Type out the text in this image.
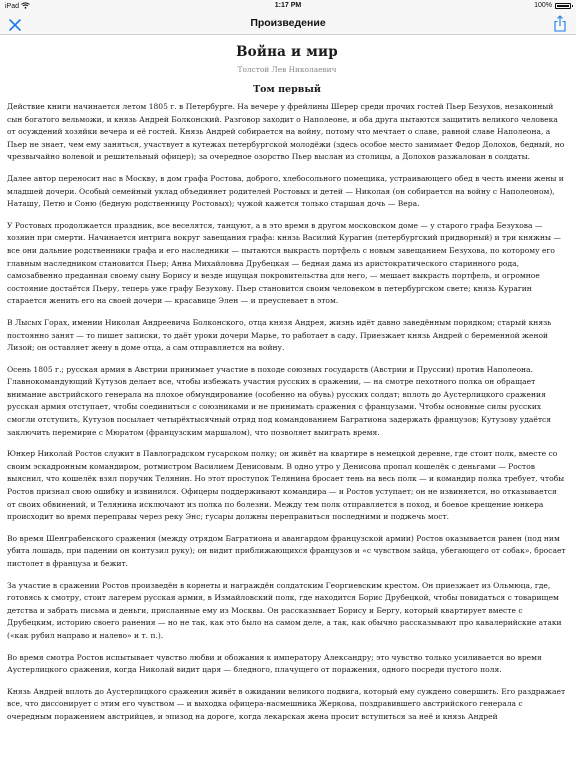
iPad	1:17 PM	100%
Произведение
Война и мир
Толстой Лев Николаевич
Том первый

Действие книги начинается летом 1805 г. в Петербурге. На вечере у фрейлины Шерер среди прочих гостей Пьер Безухов, незаконный сын богатого вельможи, и князь Андрей Болконский. Разговор заходит о Наполеоне, и оба друга пытаются защитить великого человека от осуждений хозяйки вечера и её гостей. Князь Андрей собирается на войну, потому что мечтает о славе, равной славе Наполеона, а Пьер не знает, чем ему заняться, участвует в кутежах петербургской молодёжи (здесь особое место занимает Федор Долохов, бедный, но чрезвычайно волевой и решительный офицер); за очередное озорство Пьер выслан из столицы, а Долохов разжалован в солдаты.

Далее автор переносит нас в Москву, в дом графа Ростова, доброго, хлебосольного помещика, устраивающего обед в честь имени жены и младшей дочери. Особый семейный уклад объединяет родителей Ростовых и детей — Николая (он собирается на войну с Наполеоном), Наташу, Петю и Соню (бедную родственницу Ростовых); чужой кажется только старшая дочь — Вера.

У Ростовых продолжается праздник, все веселятся, танцуют, а в это время в другом московском доме — у старого графа Безухова — хозяин при смерти. Начинается интрига вокруг завещания графа: князь Василий Курагин (петербургский придворный) и три княжны — все они дальние родственники графа и его наследники — пытаются выкрасть портфель с новым завещанием Безухова, по которому его главным наследником становится Пьер; Анна Михайловна Друбецкая — бедная дама из аристократического старинного рода, самозабвенно преданная своему сыну Борису и везде ищущая покровительства для него, — мешает выкрасть портфель, и огромное состояние достаётся Пьеру, теперь уже графу Безухову. Пьер становится своим человеком в петербургском свете; князь Курагин старается женить его на своей дочери — красавице Элен — и преуспевает в этом.

В Лысых Горах, имении Николая Андреевича Болконского, отца князя Андрея, жизнь идёт давно заведённым порядком; старый князь постоянно занят — то пишет записки, то даёт уроки дочери Марье, то работает в саду. Приезжает князь Андрей с беременной женой Лизой; он оставляет жену в доме отца, а сам отправляется на войну.

Осень 1805 г.; русская армия в Австрии принимает участие в походе союзных государств (Австрии и Пруссии) против Наполеона. Главнокомандующий Кутузов делает все, чтобы избежать участия русских в сражении, — на смотре пехотного полка он обращает внимание австрийского генерала на плохое обмундирование (особенно на обувь) русских солдат; вплоть до Аустерлицкого сражения русская армия отступает, чтобы соединиться с союзниками и не принимать сражения с французами. Чтобы основные силы русских смогли отступить, Кутузов посылает четырёхтысячный отряд под командованием Багратиона задержать французов; Кутузову удаётся заключить перемирие с Мюратом (французским маршалом), что позволяет выиграть время.

Юнкер Николай Ростов служит в Павлоградском гусарском полку; он живёт на квартире в немецкой деревне, где стоит полк, вместе со своим эскадронным командиром, ротмистром Василием Денисовым. В одно утро у Денисова пропал кошелёк с деньгами — Ростов выяснил, что кошелёк взял поручик Телянин. Но этот проступок Телянина бросает тень на весь полк — и командир полка требует, чтобы Ростов признал свою ошибку и извинился. Офицеры поддерживают командира — и Ростов уступает; он не извиняется, но отказывается от своих обвинений, и Телянина исключают из полка по болезни. Между тем полк отправляется в поход, и боевое крещение юнкера происходит во время переправы через реку Энс; гусары должны переправиться последними и поджечь мост.

Во время Шенграбенского сражения (между отрядом Багратиона и авангардом французской армии) Ростов оказывается ранен (под ним убита лошадь, при падении он контузил руку); он видит приближающихся французов и «с чувством зайца, убегающего от собак», бросает пистолет в француза и бежит.

За участие в сражении Ростов произведён в корнеты и награждён солдатским Георгиевским крестом. Он приезжает из Ольмюца, где, готовясь к смотру, стоит лагерем русская армия, в Измайловский полк, где находится Борис Друбецкой, чтобы повидаться с товарищем детства и забрать письма и деньги, присланные ему из Москвы. Он рассказывает Борису и Бергу, который квартирует вместе с Друбецким, историю своего ранения — но не так, как это было на самом деле, а так, как обычно рассказывают про кавалерийские атаки («как рубил направо и налево» и т. п.).

Во время смотра Ростов испытывает чувство любви и обожания к императору Александру; это чувство только усиливается во время Аустерлицкого сражения, когда Николай видит царя — бледного, плачущего от поражения, одного посреди пустого поля.

Князь Андрей вплоть до Аустерлицкого сражения живёт в ожидании великого подвига, который ему суждено совершить. Его раздражает все, что диссонирует с этим его чувством — и выходка офицера-насмешника Жеркова, поздравившего австрийского генерала с очередным поражением австрийцев, и эпизод на дороге, когда лекарская жена просит вступиться за неё и князь Андрей
